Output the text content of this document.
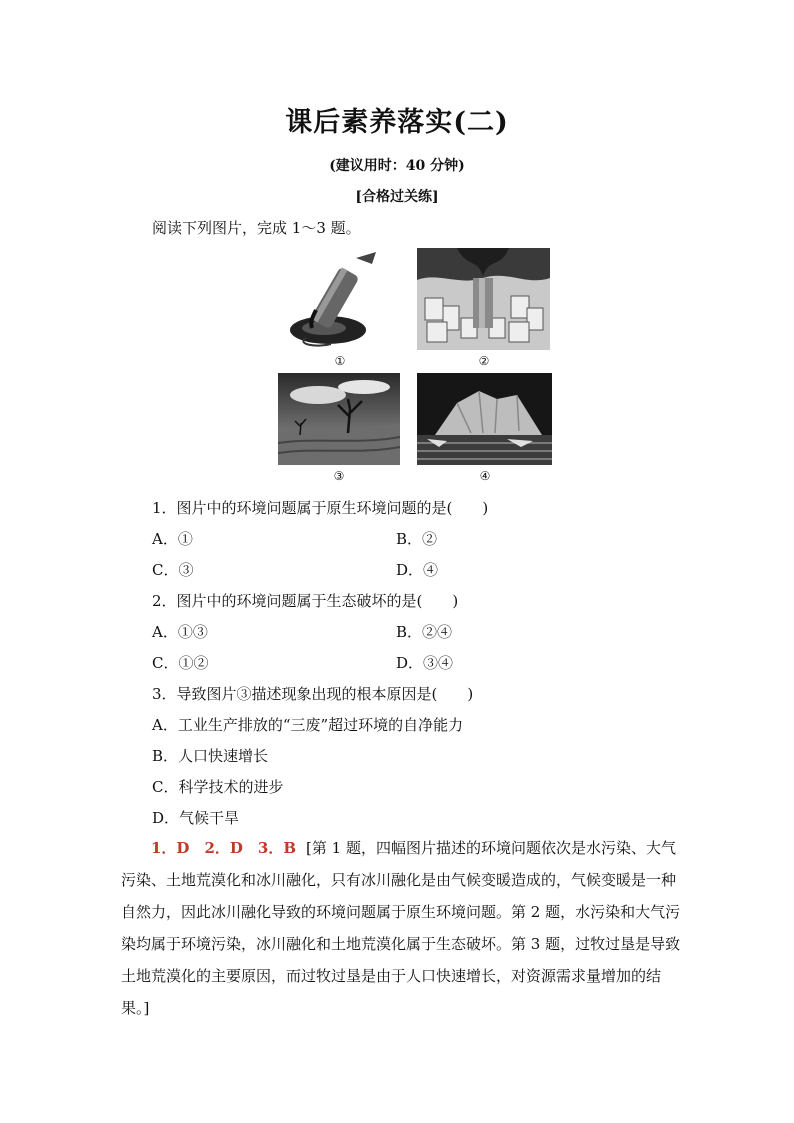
课后素养落实(二)
(建议用时：40 分钟)
[合格过关练]
阅读下列图片，完成 1～3 题。
①	②
③	④
1．图片中的环境问题属于原生环境问题的是(　　)
A．①	B．②
C．③	D．④
2．图片中的环境问题属于生态破坏的是(　　)
A．①③	B．②④
C．①②	D．③④
3．导致图片③描述现象出现的根本原因是(　　)
A．工业生产排放的“三废”超过环境的自净能力
B．人口快速增长
C．科学技术的进步
D．气候干旱
1．D　2．D　3．B [第 1 题，四幅图片描述的环境问题依次是水污染、大气污染、土地荒漠化和冰川融化，只有冰川融化是由气候变暖造成的，气候变暖是一种自然力，因此冰川融化导致的环境问题属于原生环境问题。第 2 题，水污染和大气污染均属于环境污染，冰川融化和土地荒漠化属于生态破坏。第 3 题，过牧过垦是导致土地荒漠化的主要原因，而过牧过垦是由于人口快速增长，对资源需求量增加的结果。]
